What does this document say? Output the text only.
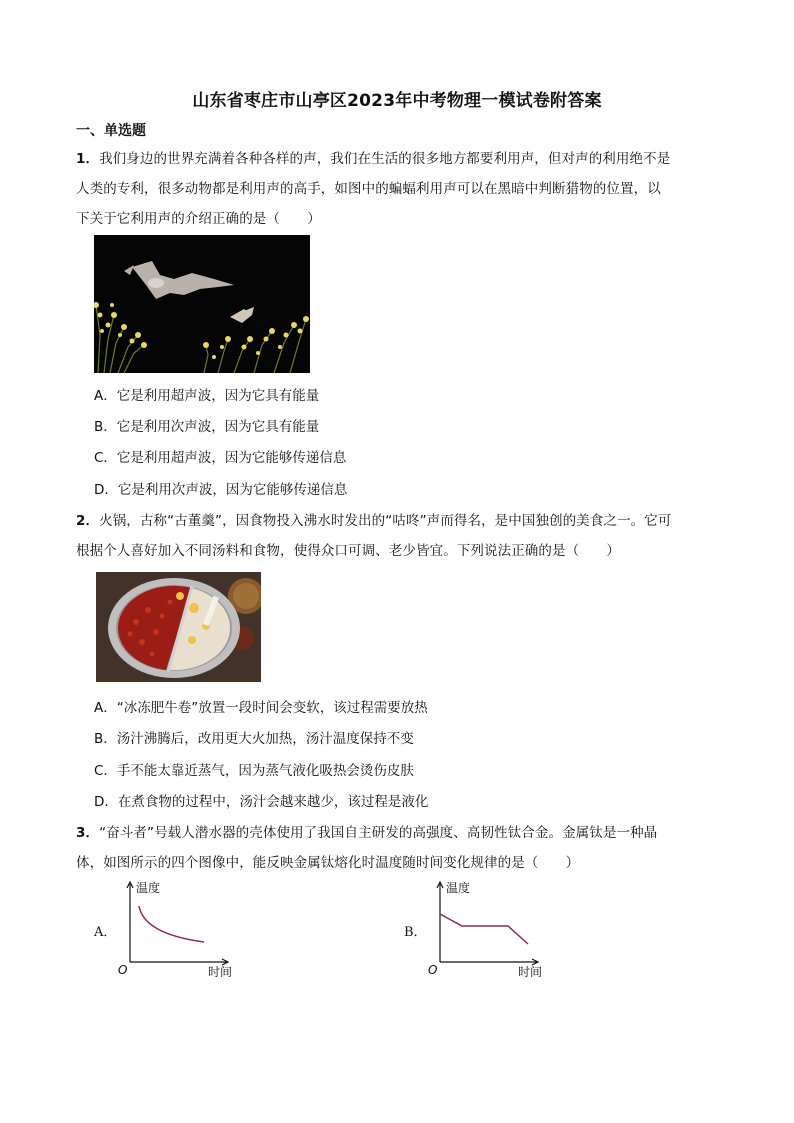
山东省枣庄市山亭区2023年中考物理一模试卷附答案
一、单选题
1．我们身边的世界充满着各种各样的声，我们在生活的很多地方都要利用声，但对声的利用绝不是
人类的专利，很多动物都是利用声的高手，如图中的蝙蝠利用声可以在黑暗中判断猎物的位置，以
下关于它利用声的介绍正确的是（　　）
A．它是利用超声波，因为它具有能量
B．它是利用次声波，因为它具有能量
C．它是利用超声波，因为它能够传递信息
D．它是利用次声波，因为它能够传递信息
2．火锅，古称“古董羹”，因食物投入沸水时发出的“咕咚”声而得名，是中国独创的美食之一。它可
根据个人喜好加入不同汤料和食物，使得众口可调、老少皆宜。下列说法正确的是（　　）
A．“冰冻肥牛卷”放置一段时间会变软，该过程需要放热
B．汤汁沸腾后，改用更大火加热，汤汁温度保持不变
C．手不能太靠近蒸气，因为蒸气液化吸热会烫伤皮肤
D．在煮食物的过程中，汤汁会越来越少，该过程是液化
3．“奋斗者”号载人潜水器的壳体使用了我国自主研发的高强度、高韧性钛合金。金属钛是一种晶
体，如图所示的四个图像中，能反映金属钛熔化时温度随时间变化规律的是（　　）
A．
温度
时间
O
B．
温度
时间
O
